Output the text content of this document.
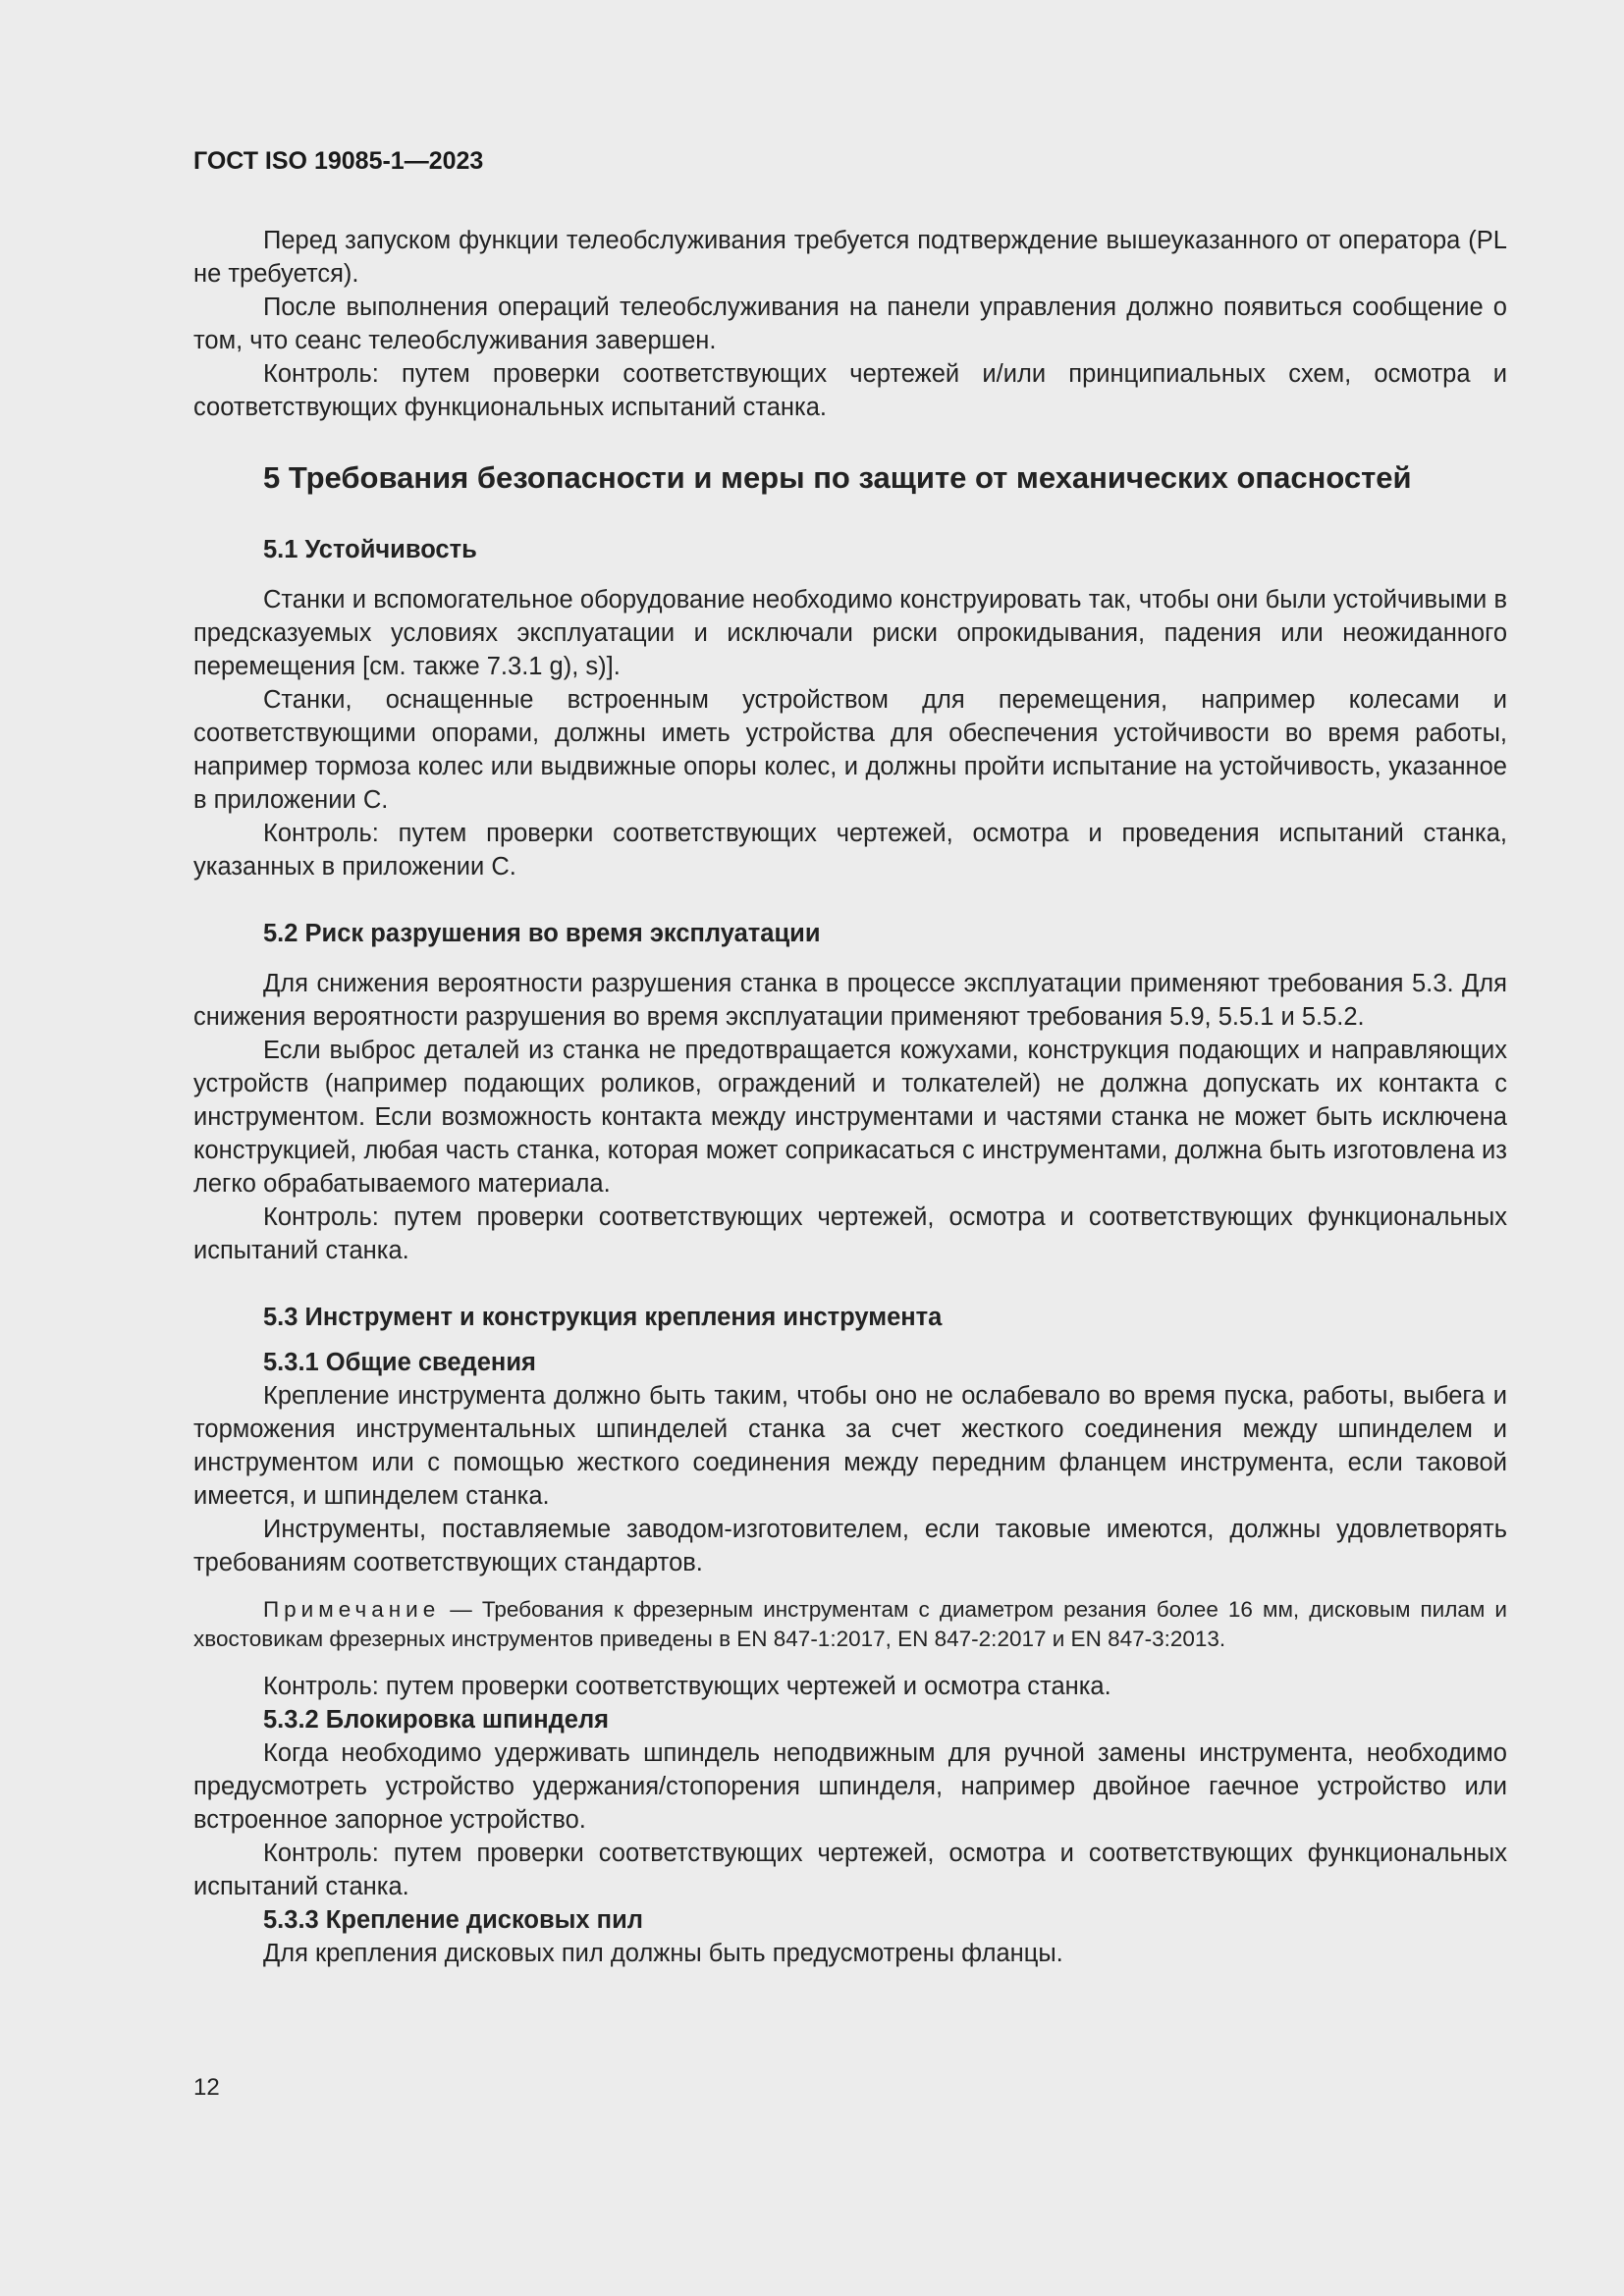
ГОСТ ISO 19085-1—2023

Перед запуском функции телеобслуживания требуется подтверждение вышеуказанного от оператора (PL не требуется).

После выполнения операций телеобслуживания на панели управления должно появиться сообщение о том, что сеанс телеобслуживания завершен.

Контроль: путем проверки соответствующих чертежей и/или принципиальных схем, осмотра и соответствующих функциональных испытаний станка.

5 Требования безопасности и меры по защите от механических опасностей
5.1 Устойчивость

Станки и вспомогательное оборудование необходимо конструировать так, чтобы они были устойчивыми в предсказуемых условиях эксплуатации и исключали риски опрокидывания, падения или неожиданного перемещения [см. также 7.3.1 g), s)].

Станки, оснащенные встроенным устройством для перемещения, например колесами и соответствующими опорами, должны иметь устройства для обеспечения устойчивости во время работы, например тормоза колес или выдвижные опоры колес, и должны пройти испытание на устойчивость, указанное в приложении С.

Контроль: путем проверки соответствующих чертежей, осмотра и проведения испытаний станка, указанных в приложении С.

5.2 Риск разрушения во время эксплуатации

Для снижения вероятности разрушения станка в процессе эксплуатации применяют требования 5.3. Для снижения вероятности разрушения во время эксплуатации применяют требования 5.9, 5.5.1 и 5.5.2.

Если выброс деталей из станка не предотвращается кожухами, конструкция подающих и направляющих устройств (например подающих роликов, ограждений и толкателей) не должна допускать их контакта с инструментом. Если возможность контакта между инструментами и частями станка не может быть исключена конструкцией, любая часть станка, которая может соприкасаться с инструментами, должна быть изготовлена из легко обрабатываемого материала.

Контроль: путем проверки соответствующих чертежей, осмотра и соответствующих функциональных испытаний станка.

5.3 Инструмент и конструкция крепления инструмента
5.3.1 Общие сведения

Крепление инструмента должно быть таким, чтобы оно не ослабевало во время пуска, работы, выбега и торможения инструментальных шпинделей станка за счет жесткого соединения между шпинделем и инструментом или с помощью жесткого соединения между передним фланцем инструмента, если таковой имеется, и шпинделем станка.

Инструменты, поставляемые заводом-изготовителем, если таковые имеются, должны удовлетворять требованиям соответствующих стандартов.

Примечание — Требования к фрезерным инструментам с диаметром резания более 16 мм, дисковым пилам и хвостовикам фрезерных инструментов приведены в EN 847-1:2017, EN 847-2:2017 и EN 847-3:2013.

Контроль: путем проверки соответствующих чертежей и осмотра станка.

5.3.2 Блокировка шпинделя

Когда необходимо удерживать шпиндель неподвижным для ручной замены инструмента, необходимо предусмотреть устройство удержания/стопорения шпинделя, например двойное гаечное устройство или встроенное запорное устройство.

Контроль: путем проверки соответствующих чертежей, осмотра и соответствующих функциональных испытаний станка.

5.3.3 Крепление дисковых пил

Для крепления дисковых пил должны быть предусмотрены фланцы.

12
